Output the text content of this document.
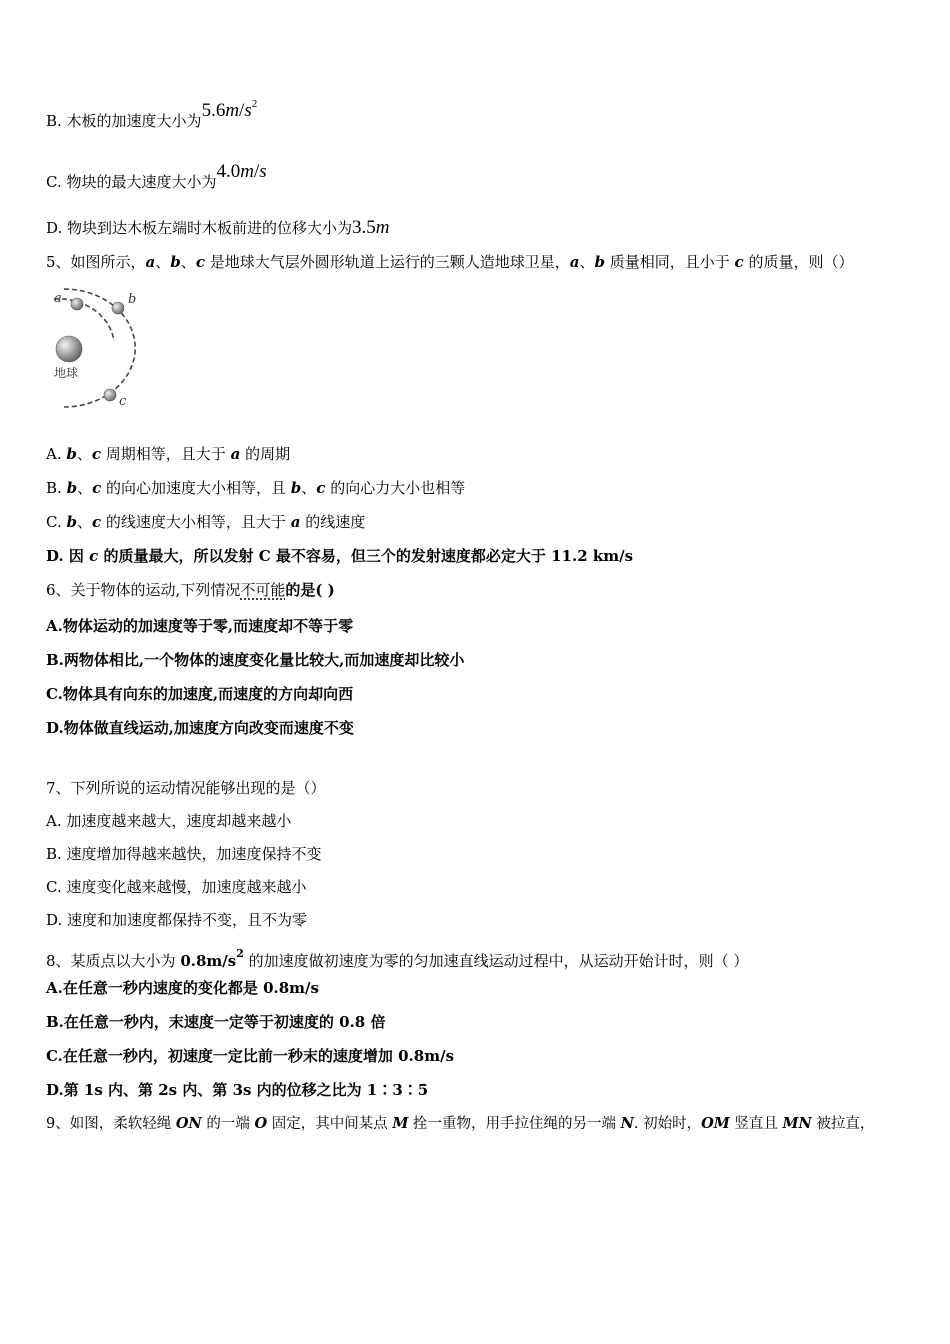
B. 木板的加速度大小为$5.6m/s^2$
C. 物块的最大速度大小为4.0m/s
D. 物块到达木板左端时木板前进的位移大小为3.5m
5、如图所示，a、b、c 是地球大气层外圆形轨道上运行的三颗人造地球卫星，a、b 质量相同，且小于 c 的质量，则（）
a	b
c
地球
A. b、c 周期相等，且大于 a 的周期
B. b、c 的向心加速度大小相等，且 b、c 的向心力大小也相等
C. b、c 的线速度大小相等，且大于 a 的线速度
D. 因 c 的质量最大，所以发射 C 最不容易，但三个的发射速度都必定大于 11.2 km/s
6、关于物体的运动,下列情况不可能的是( )
A.物体运动的加速度等于零,而速度却不等于零
B.两物体相比,一个物体的速度变化量比较大,而加速度却比较小
C.物体具有向东的加速度,而速度的方向却向西
D.物体做直线运动,加速度方向改变而速度不变
7、下列所说的运动情况能够出现的是（）
A. 加速度越来越大，速度却越来越小
B. 速度增加得越来越快，加速度保持不变
C. 速度变化越来越慢，加速度越来越小
D. 速度和加速度都保持不变，且不为零
8、某质点以大小为 $0.8m/s^2$ 的加速度做初速度为零的匀加速直线运动过程中，从运动开始计时，则（ ）
A.在任意一秒内速度的变化都是 0.8m/s
B.在任意一秒内，末速度一定等于初速度的 0.8 倍
C.在任意一秒内，初速度一定比前一秒末的速度增加 0.8m/s
D.第 1s 内、第 2s 内、第 3s 内的位移之比为 1∶3∶5
9、如图，柔软轻绳 ON 的一端 O 固定，其中间某点 M 拴一重物，用手拉住绳的另一端 N. 初始时，OM 竖直且 MN 被拉直，
